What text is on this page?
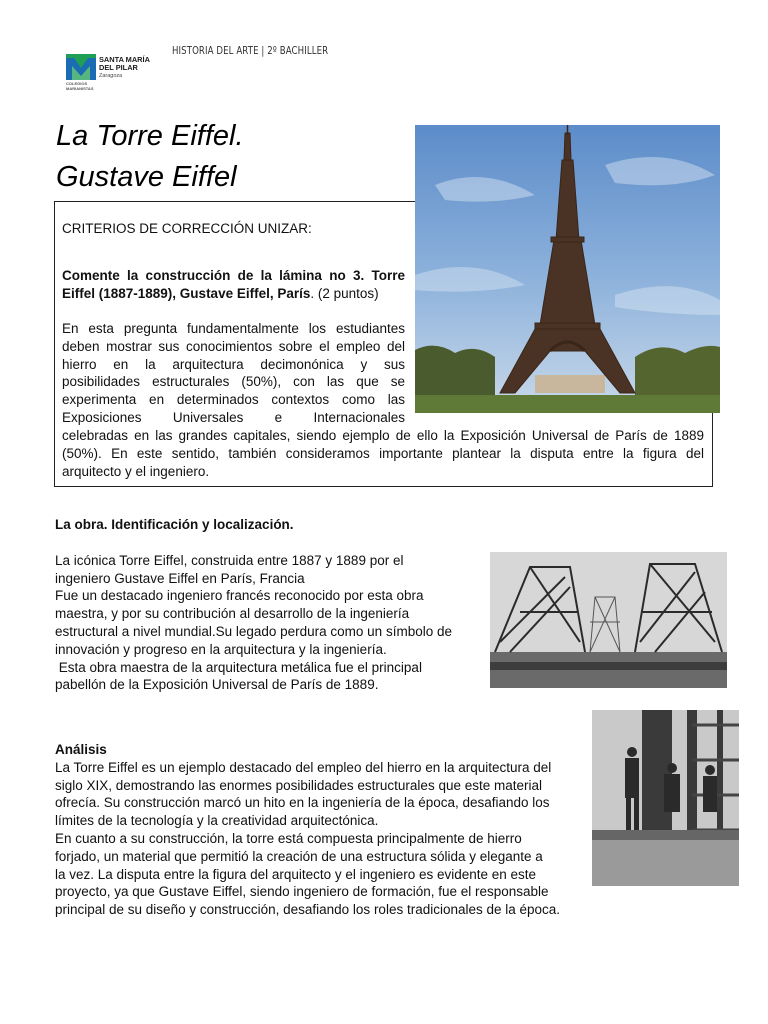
SANTA MARÍA
DEL PILAR
Zaragoza
COLEGIOS
MARIANISTAS
HISTORIA DEL ARTE | 2º BACHILLER
La Torre Eiffel.
Gustave Eiffel
CRITERIOS DE CORRECCIÓN UNIZAR:
Comente la construcción de la lámina no 3. Torre
Eiffel (1887-1889), Gustave Eiffel, París. (2 puntos)
En esta pregunta fundamentalmente los estudiantes
deben mostrar sus conocimientos sobre el empleo del
hierro en la arquitectura decimonónica y sus
posibilidades estructurales (50%), con las que se
experimenta en determinados contextos como las
Exposiciones Universales e Internacionales
celebradas en las grandes capitales, siendo ejemplo de ello la Exposición Universal de París de 1889
(50%). En este sentido, también consideramos importante plantear la disputa entre la figura del
arquitecto y el ingeniero.
La obra. Identificación y localización.
La icónica Torre Eiffel, construida entre 1887 y 1889 por el
ingeniero Gustave Eiffel en París, Francia
Fue un destacado ingeniero francés reconocido por esta obra
maestra, y por su contribución al desarrollo de la ingeniería
estructural a nivel mundial.Su legado perdura como un símbolo de
innovación y progreso en la arquitectura y la ingeniería.
Esta obra maestra de la arquitectura metálica fue el principal
pabellón de la Exposición Universal de París de 1889.
Análisis
La Torre Eiffel es un ejemplo destacado del empleo del hierro en la arquitectura del
siglo XIX, demostrando las enormes posibilidades estructurales que este material
ofrecía. Su construcción marcó un hito en la ingeniería de la época, desafiando los
límites de la tecnología y la creatividad arquitectónica.
En cuanto a su construcción, la torre está compuesta principalmente de hierro
forjado, un material que permitió la creación de una estructura sólida y elegante a
la vez. La disputa entre la figura del arquitecto y el ingeniero es evidente en este
proyecto, ya que Gustave Eiffel, siendo ingeniero de formación, fue el responsable
principal de su diseño y construcción, desafiando los roles tradicionales de la época.
